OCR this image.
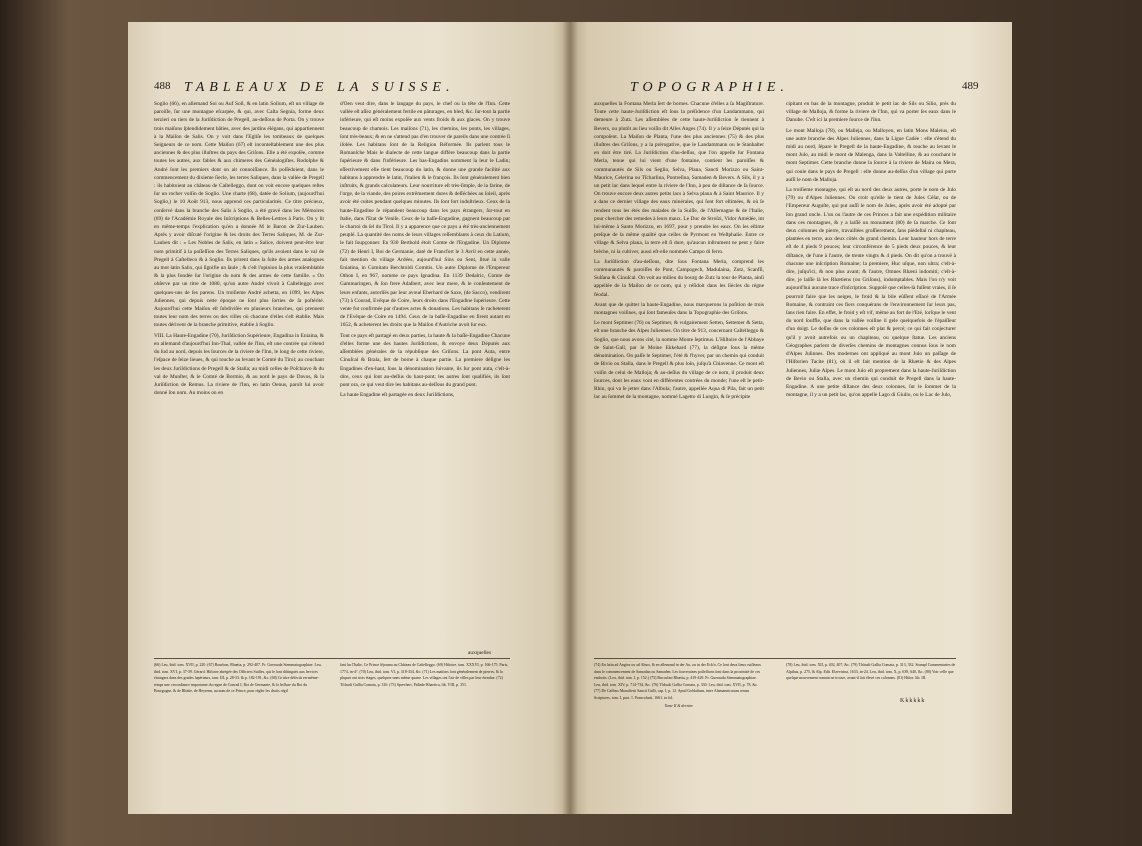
TABLEAUX DE LA SUISSE.
488

Soglio (66), en allemand Soi ou Auf Soll, & en latin Solium, eſt un village de paroiſſe, ſur une montagne eſcarpée, & qui, avec Caſta Segnia, forme deux terzieri ou tiers de la Juriſdiction de Pregell, au-deſſous de Porta. On y trouve trois maiſons ſplendidement bâties, avec des jardins élégans, qui appartiennent à la Maiſon de Salis. On y voit dans l'Egliſe les tombeaux de quelques Seigneurs de ce nom. Cette Maiſon (67) eſt inconteſtablement une des plus anciennes & des plus illuſtres du pays des Griſons. Elle a été expoſée, comme toutes les autres, aux fables & aux chimeres des Généalogiſtes. Rodolphe & André ſont les premiers dont on ait connoiſſance. Ils poſſédoient, dans le commencement du dixieme ſiecle, les terres Saliques, dans la vallée de Pregell : ils habitoient au château de Caſtelleggo, dont on voit encore quelques reſtes ſur un rocher voiſin de Soglio. Une charte (68), datée de Solium, (aujourd'hui Soglio,) le 10 Août 913, nous apprend ces particularités. Ce titre précieux, conſervé dans la branche des Salis à Soglio, a été gravé dans les Mémoires (69) de l'Académie Royale des Inſcriptions & Belles-Lettres à Paris. On y lit en même-temps l'explication qu'en a donnée M le Baron de Zur-Lauben. Après y avoir diſcuté l'origine & les droits des Terres Saliques, M. de Zur-Lauben dit : « Les Nobles de Salis, en latin « Salice, doivent peut-être leur nom primitif à la poſſeſſion des Terres Saliques, qu'ils avoient dans le val de Pregell à Caſtelleco & à Soglio. Ils prirent dans la ſuite des armes analogues au mot latin Salix, qui ſignifie un ſaule ; & c'eſt l'opinion la plus vraiſemblable & la plus fondée ſur l'origine du nom & des armes de cette famille. » On obſerve par un titre de 1080, qu'un autre André vivoit à Caſtelleggo avec quelques-uns de ſes parens. Un troiſieme André achetta, en 1099, les Alpes Juliennes, qui depuis cette époque ne ſont plus ſorties de ſa poſtérité. Aujourd'hui cette Maiſon eſt ſubdiviſée en plusieurs branches, qui prennent toutes leur nom des terres ou des villes où chacune d'elles s'eſt établie. Mais toutes dérivent de la branche primitive, établie à Soglio.

VIII. La Haute-Engadine (70), Juriſdiction Supérieure, Engadina in Eniaina, & en allemand d'aujourd'hui Inn-Thal, vallée de l'Inn, eſt une contrée qui s'étend du ſud au nord, depuis les ſources de la riviere de l'Inn, le long de cette riviere, l'eſpace de ſeize lieues, & qui touche au levant le Comté du Tirol; au couchant les deux Juriſdictions de Pregell & de Stalla; au midi celles de Poſchiavo & du val de Munſter, & le Comté de Bormio, & au nord le pays de Davos, & la Juriſdiction de Remus. La riviere de l'Inn, en latin Oenus, paroît lui avoir donné ſon nom. Au moins on en

d'Oen veut dire, dans le langage du pays, le chef ou la tête de l'Inn. Cette vallée eſt aſſez généralement fertile en pâturages, en bled, &c. ſur-tout la partie inférieure, qui eſt moins expoſée aux vents froids & aux glaces. On y trouve beaucoup de chamois. Les maiſons (71), les chemins, les ponts, les villages, ſont très-beaux; & en ne s'attend pas d'en trouver de pareils dans une contrée ſi iſolée. Les habitans ſont de la Religion Réformée. Ils parlent tous le Romanſche Mais le dialecte de cette langue diffère beaucoup dans la partie ſupérieure & dans l'inférieure. Les bas-Engadins nomment la leur le Ladin; eſſectivement elle tient beaucoup du latin, & donne une grande facilité aux habitans à apprendre le latin, l'italien & le françois. Ils ſont généralement bien inſtruits, & grands calculateurs. Leur nourriture eſt très-ſimple, de la farine, de l'orge, de la viande, des poires extrêmement dures & deſſéchées au ſoleil, après avoir été cuites pendant quelques minutes. Ils ſont fort induſtrieux. Ceux de la haute-Engadine ſe répandent beaucoup dans les pays étrangers, ſur-tout en Italie, dans l'Etat de Veniſe. Ceux de la baſſe-Engadine, gagnent beaucoup par le charroi du ſel du Tirol. Il y a apparence que ce pays a été très-anciennement peuplé. La quantité des noms de leurs villages reſſemblants à ceux du Latium, le fait ſoupçonner. En 930 Berthold étoit Comte de l'Engadine. Un Diplome (72) de Henri I, Roi de Germanie, daté de Francfort le 3 Avril en cette année, fait mention du village Ardées, aujourd'hui Sins ou Sent, ſitué in valle Eniatina, in Comitatu Berchtoldi Comitis. Un autre Diplome de l'Empereur Othon I, en 967, nomme ce pays Ignadina. En 1139 Dedalric, Comte de Gammaringen, & ſon frere Adalbert, avec leur mere, & le conſentement de leurs enfants, autoriſés par leur avoué Eberhard de Saxe, (de Sacco), vendirent (73) à Conrad, Evêque de Coire, leurs droits dans l'Engadine ſupérieure. Cette vente fut confirmée par d'autres actes & donations. Les habitans ſe racheterent de l'Evêque de Coire en 1494. Ceux de la baſſe-Engadine en firent autant en 1652, & acheterent les droits que la Maiſon d'Autriche avoit ſur eux.

Tout ce pays eſt partagé en deux parties, la haute & la baſſe-Engadine Chacune d'elles forme une des hautes Juriſdictions, & envoye deux Députés aux aſſemblées générales de la république des Griſons. La pont Auta, entre Cinuſcal & Brala, ſert de borne à chaque partie. La premiere déſigne les Engadines d'en-haut, ſous la dénomination ſuivante, ils ſur pont auta, c'eſt-à-dire, ceux qui ſont au-deſſus du haut-pont; les autres ſont qualifiés, ils ſont pont ora, ce qui veut dire les habitans au-deſſous du grand pont.

La haute Engadine eſt partagée en deux Juriſdictions,

auxquelles

(66) Leu, ibid. tom. XVII, p. 220. (67) Bourbon, Rhætia, p. 292-407. Fr. Guerauda Stemmatographiae. Leu, ibid. tom. XVI, p. 37-39. Gérard. Hiſtoire abrégée des Officiers Suiſſes, qui ſe ſont diſtingués aux ſervices étrangers dans des grades ſupérieurs, tom. III, p. 28-33. & p. 182-191, &c. (68) Ce titre défectit en-même-temps une circonſtance importante du regne de Conrad I, Roi de Germanie, & la ſeiſſure du Roi du Bourgogne, & de Rhätie, de Heyrenn, au nom de ce Prince, pour régler les droits régiſ

ſant ſur l'Italie, Ce Prince ſéjourna au Château de Caſtelleggo. (69) Hiſtoire, tom. XXXVI, p. 166-175. Paris, 1774, in-4°. (70) Leu, ibid. tom. VI, p. 318-334, &c. (71) Les maiſons ſont généralement de pierres, & la plupart ont trois étages, quelques-unes même quatre. Les villages ont l'air de villes par leur étendue. (72) Tſchudi Gallia Comata, p. 316. (73) Sprecheri, Pallade Rhaetica, lib. VIII, p. 351.

TOPOGRAPHIE.	489

auxquelles la Fontana Merla ſert de bornes. Chacune d'elles a ſa Magiſtrature. Toute cette haute-Juriſdiction eſt ſous la préſidence d'un Landammann, qui demeure à Zutz. Les aſſemblées de cette haute-Juriſdiction ſe tiennent à Bevers, ou plutôt au lieu voiſin dit Alles Anges (74). Il y a ſeize Députés qui la compoſent. La Maiſon de Planta, l'une des plus anciennes (75) & des plus illuſtres des Griſons, y a la prérogative, que le Landammann ou le Stanhalter en doit être tiré. La Juriſdiction d'au-deſſus, que l'on appelle ſur Fontana Merla, tenue qui lui vient d'une fontaine, contient les paroiſſes & communautés de Sils ou Seglio, Selva, Plana, Sancti Morizzo ou Saint-Maurice, Celerina ou Tſcharlina, Pontreſina, Samaden & Bevers. A Sils, il y a un petit lac dans lequel entre la riviere de l'Inn, à peu de diſtance de ſa ſource. On trouve encore deux autres petits lacs à Selva plana & à Saint Maurice. Il y a dans ce dernier village des eaux minérales, qui ſont fort eſtimées, & où ſe rendent tous les étés des malades de la Suiſſe, de l'Allemagne & de l'Italie, pour chercher des remedes à leurs maux. Le Duc de Stroſzi, Vidor Amédée, int lui-même à Santo Morizzo, en 1697, pour y prendre les eaux. On les eſtime preſque de la même qualité que celles de Pyrmont en Weſtphalie. Entre ce village & Selva plana, la terre eſt ſi dure, qu'aucun inſtrument ne peut y faire brèche, ni la cultiver, aussi eſt-elle nommée Campo di ferro.

La Juriſdiction d'au-deſſous, dite ſous Fontana Merla, comprend les communautés & paroiſſes de Pont, Campogech, Madulaina, Zutz, Scanfſi, Sulſana & Cinuſcal. On voit au milieu du bourg de Zutz la tour de Planta, ainſi appellée de la Maiſon de ce nom, qui y réſidoit dans les ſiècles du régne féodal.

Avant que de quitter la haute-Engadine, nous marquerons la poſition de trois montagnes voiſines, qui ſont fameuſes dans la Topographie des Griſons.

Le mont Septimer (76) ou Septimer, & vulgairement Setten, Settemer & Setta, eſt une branche des Alpes Juliennes. On titre de 913, concernant Caſtelleggo & Soglio, que nous avons cité, la nomme Monte ſeptimus. L'Hiſtoire de l'Abbaye de Saint-Gall, par le Moine Ekkehard (77), la déſigne ſous la même dénomination. On paſſe le Septimer, l'été & l'hyver, par un chemin qui conduit de Bivio ou Stalla, dans le Pregell & plus loin, juſqu'à Chiavenne. Ce mont eſt voiſin de celui de Malloja; & au-deſſus du village de ce nom, il produit deux ſources, dont les eaux vont en différentes contrées du monde; l'une eſt le petit-Rhin, qui va ſe jetter dans l'Albula; l'autre, appellée Aqua di Pila, fait un petit lac au ſommet de la montagne, nommé Lagetto di Lungin, & ſe précipite

cipitant en bas de la montagne, produit le petit lac de Sils ou Silio, près du village de Malloja, & forme la riviere de l'Inn, qui va porter ſes eaux dans le Danube. C'eſt ici la premiere ſource de l'Inn.

Le mont Malloja (78), ou Malleja, ou Malloyen, en latin Mons Maleius, eſt une autre branche des Alpes Juliennes, dans la Ligue Cadée : elle s'étend du midi au nord, ſépare le Pregell de la haute-Engadine, & touche au levant le mont Julo, au midi le mont de Malenga, dans la Valtelline, & au couchant le mont Septimer. Cette branche donne la ſource à la riviere de Maira ou Mera, qui coule dans le pays de Pregell : elle donne au-deſſus d'un village qui porte auſſi le nom de Malloja.

La troiſieme montagne, qui eſt au nord des deux autres, porte le nom de Julo (79) ou d'Alpes Juliennes. On croit qu'elle le tient de Jules Céſar, ou de l'Empereur Auguſte, qui put auſſi le nom de Jules, après avoir été adopté par ſon grand oncle. L'un ou l'autre de ces Princes a fait une expédition militaire dans ces montagnes, & y a laiſſé un monument (80) de ſa marche. Ce ſont deux colonnes de pierre, travaillées groſſierement, ſans piédeſtal ni chapiteau, plantées en terre, aux deux côtés du grand chemin. Leur hauteur hors de terre eſt de 4 pieds 9 pouces; leur circonférence de 5 pieds deux pouces, & leur diſtance, de l'une à l'autre, de trente vingts & 4 pieds. On dit qu'on a trouvé à chacune une inſcription Romaine; la premiere, Huc uſque, non ultra; c'eſt-à-dire, juſqu'ici, & non plus avant; & l'autre, Omnes Rhæni indomiti; c'eſt-à-dire, je laiſſe là les Rhætiens (ou Griſons), indomptables. Mais l'on n'y voit aujourd'hui aucune trace d'inſcription. Suppoſé que celles-là fuſſent vraies, il ſe pourroit faire que les neiges, le froid & la bile eûſſent eſſacé de l'Armée Romaine, & contraint ces fiers conquérans de l'environnement ſur leurs pas, ſans rien faire. En effet, le froid y eſt vif, même au fort de l'Eté, lorſque le vent du nord ſouffle, que dans la vallée voiſine il gele quelquefois de l'épaiſſeur d'un doigt. Le deſſus de ces colonnes eſt plat & percé; ce qui fait conjecturer qu'il y avoit autrefois ou un chapiteau, ou quelque ſtatue. Les anciens Géographes parlent de diverſes chemins de montagnes connus ſous le nom d'Alpes Julinnes. Des modernes ont appliqué au mont Julo un paſſage de l'Hiſtorien Tacite (81), où il eſt fait mention de la Rhætie & des Alpes Juliennes, Juliæ Alpes. Le mont Julo eſt proprement dans la haute-Juriſdiction de Bevio ou Stalla, avec un chemin qui conduit de Pregell dans la haute-Engadine. A une petite diſtance des deux colonnes, ſur le ſommet de la montagne, il y a un petit lac, qu'on appelle Lago di Giulio, ou le Lac de Julo,

(74) En latin ad Angios ou ad Alnos, & en allemand in der Au, ou in der Eck'n. Ce ſont deux lieux ruiſſeaux dans le commencement de Samadan ou Samaden. Les ſouveraines poſſeſſions ſont dans la proximité de ces endroits. (Leu, ibid. tom. I, p. 152.) (75) Bucculini Rhætia, p. 419-429. Fr. Guerauda Stemmatographiae. Leu, ibid. tom. XIV, p. 714-734, &c. (76) Tſchudi Gallia Comata, p. 330. Leu, ibid. tom. XVII, p. 78, &c. (77) De Caſibus Monaſterii Sancti Galli, cap. I, p. 12. Apud Goldaſtum, inter Alamannicarum rerum Scriptores, tom. I, part. 1. Francofurti, 1661. in fol.

Tome II & dernier.

(78) Leu, ibid. tom. XII, p. 402, 407, &c. (79) Tſchudi Gallia Comata, p. 313, 332. Stumpf Commentaries de Alpibus, p. 275, & Alp. Edit. Elzevirina, 1633, in-24. Leu, ibid. tom. X, p. 639, 640, &c. (80) Voir celle que quelque mouvement romain ne trouve, avant-il ſait élevé ces colonnes. (81) Hiſtor. lib. III.

Kkkkkk
